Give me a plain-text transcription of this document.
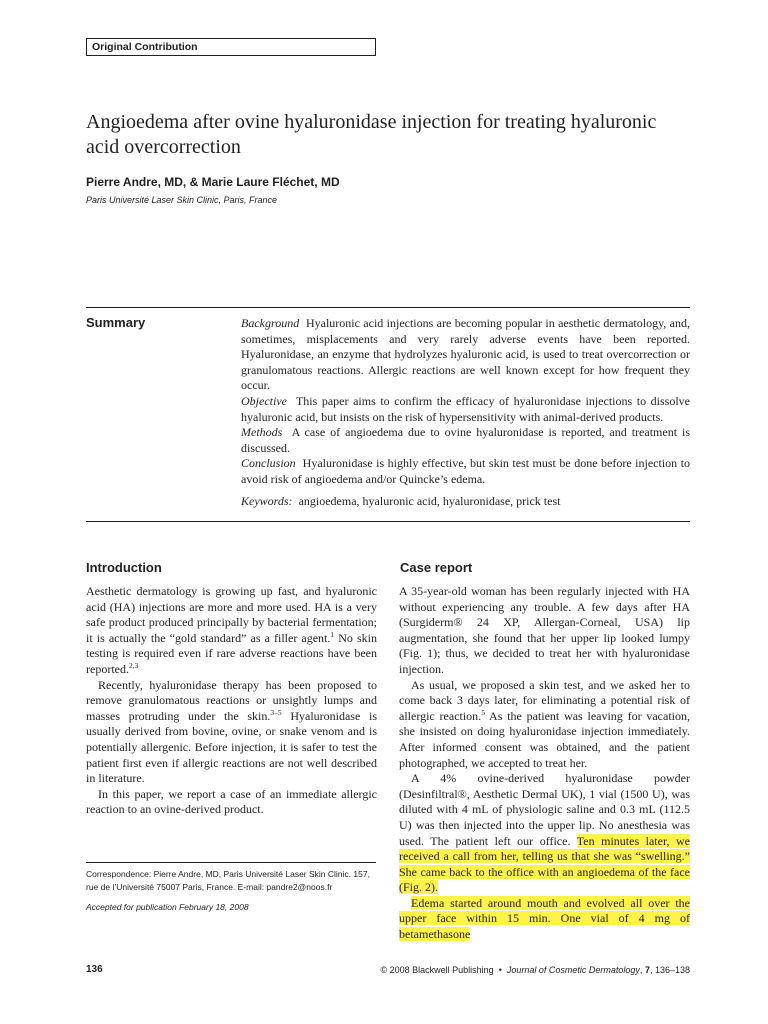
Original Contribution
Angioedema after ovine hyaluronidase injection for treating hyaluronic acid overcorrection
Pierre Andre, MD, & Marie Laure Fléchet, MD
Paris Université Laser Skin Clinic, Paris, France
Summary	Background Hyaluronic acid injections are becoming popular in aesthetic dermatology, and, sometimes, misplacements and very rarely adverse events have been reported. Hyaluronidase, an enzyme that hydrolyzes hyaluronic acid, is used to treat overcorrection or granulomatous reactions. Allergic reactions are well known except for how frequent they occur.

Objective This paper aims to confirm the efficacy of hyaluronidase injections to dissolve hyaluronic acid, but insists on the risk of hypersensitivity with animal-derived products.

Methods A case of angioedema due to ovine hyaluronidase is reported, and treatment is discussed.

Conclusion Hyaluronidase is highly effective, but skin test must be done before injection to avoid risk of angioedema and/or Quincke’s edema.

Keywords: angioedema, hyaluronic acid, hyaluronidase, prick test

Introduction	Case report

Aesthetic dermatology is growing up fast, and hyaluronic acid (HA) injections are more and more used. HA is a very safe product produced principally by bacterial fermentation; it is actually the “gold standard” as a filler agent.$^1$ No skin testing is required even if rare adverse reactions have been reported.$^{2,3}$

Recently, hyaluronidase therapy has been proposed to remove granulomatous reactions or unsightly lumps and masses protruding under the skin.$^{3-5}$ Hyaluronidase is usually derived from bovine, ovine, or snake venom and is potentially allergenic. Before injection, it is safer to test the patient first even if allergic reactions are not well described in literature.

In this paper, we report a case of an immediate allergic reaction to an ovine-derived product.

A 35-year-old woman has been regularly injected with HA without experiencing any trouble. A few days after HA (Surgiderm® 24 XP, Allergan-Corneal, USA) lip augmentation, she found that her upper lip looked lumpy (Fig. 1); thus, we decided to treat her with hyaluronidase injection.

As usual, we proposed a skin test, and we asked her to come back 3 days later, for eliminating a potential risk of allergic reaction.$^5$ As the patient was leaving for vacation, she insisted on doing hyaluronidase injection immediately. After informed consent was obtained, and the patient photographed, we accepted to treat her.

A 4% ovine-derived hyaluronidase powder (Desinfiltral®, Aesthetic Dermal UK), 1 vial (1500 U), was diluted with 4 mL of physiologic saline and 0.3 mL (112.5 U) was then injected into the upper lip. No anesthesia was used. The patient left our office. Ten minutes later, we received a call from her, telling us that she was “swelling.” She came back to the office with an angioedema of the face (Fig. 2).

Edema started around mouth and evolved all over the upper face within 15 min. One vial of 4 mg of betamethasone

Correspondence: Pierre Andre, MD, Paris Université Laser Skin Clinic. 157, rue de l’Université 75007 Paris, France. E-mail: pandre2@noos.fr
Accepted for publication February 18, 2008
136	© 2008 Blackwell Publishing • Journal of Cosmetic Dermatology, 7, 136–138
